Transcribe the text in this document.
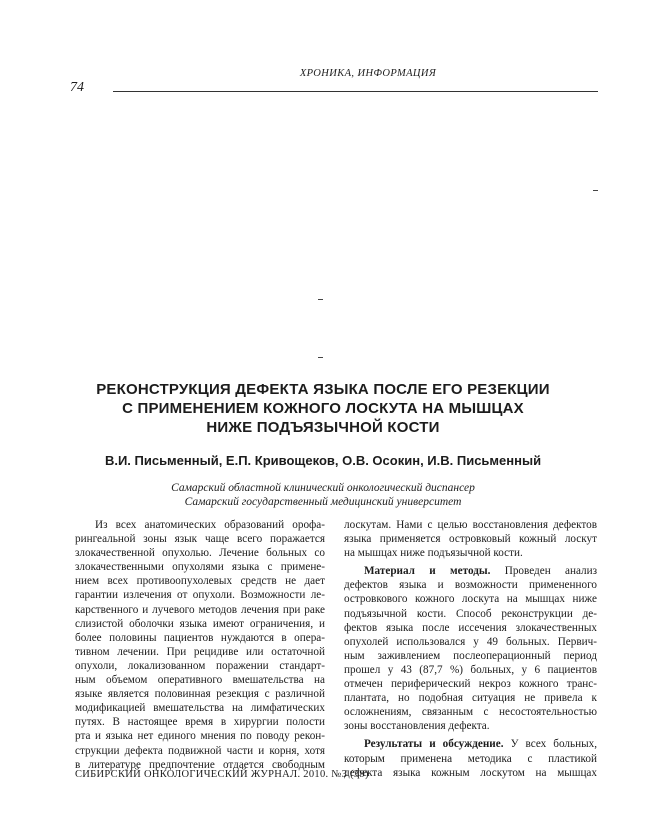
ХРОНИКА, ИНФОРМАЦИЯ
74
РЕКОНСТРУКЦИЯ ДЕФЕКТА ЯЗЫКА ПОСЛЕ ЕГО РЕЗЕКЦИИ
С ПРИМЕНЕНИЕМ КОЖНОГО ЛОСКУТА НА МЫШЦАХ
НИЖЕ ПОДЪЯЗЫЧНОЙ КОСТИ
В.И. Письменный, Е.П. Кривощеков, О.В. Осокин, И.В. Письменный
Самарский областной клинический онкологический диспансер
Самарский государственный медицинский университет
Из всех анатомических образований орофа-
рингеальной зоны язык чаще всего поражается
злокачественной опухолью. Лечение больных со
злокачественными опухолями языка с примене-
нием всех противоопухолевых средств не дает
гарантии излечения от опухоли. Возможности ле-
карственного и лучевого методов лечения при раке
слизистой оболочки языка имеют ограничения, и
более половины пациентов нуждаются в опера-
тивном лечении. При рецидиве или остаточной
опухоли, локализованном поражении стандарт-
ным объемом оперативного вмешательства на
языке является половинная резекция с различной
модификацией вмешательства на лимфатических
путях. В настоящее время в хирургии полости
рта и языка нет единого мнения по поводу рекон-
струкции дефекта подвижной части и корня, хотя
в литературе предпочтение отдается свободным
лоскутам. Нами с целью восстановления дефектов
языка применяется островковый кожный лоскут
на мышцах ниже подъязычной кости.
Материал и методы. Проведен анализ
дефектов языка и возможности примененного
островкового кожного лоскута на мышцах ниже
подъязычной кости. Способ реконструкции де-
фектов языка после иссечения злокачественных
опухолей использовался у 49 больных. Первич-
ным заживлением послеоперационный период
прошел у 43 (87,7 %) больных, у 6 пациентов
отмечен периферический некроз кожного транс-
плантата, но подобная ситуация не привела к
осложнениям, связанным с несостоятельностью
зоны восстановления дефекта.
Результаты и обсуждение. У всех больных,
которым применена методика с пластикой
дефекта языка кожным лоскутом на мышцах
СИБИРСКИЙ ОНКОЛОГИЧЕСКИЙ ЖУРНАЛ. 2010. №3 (39)
